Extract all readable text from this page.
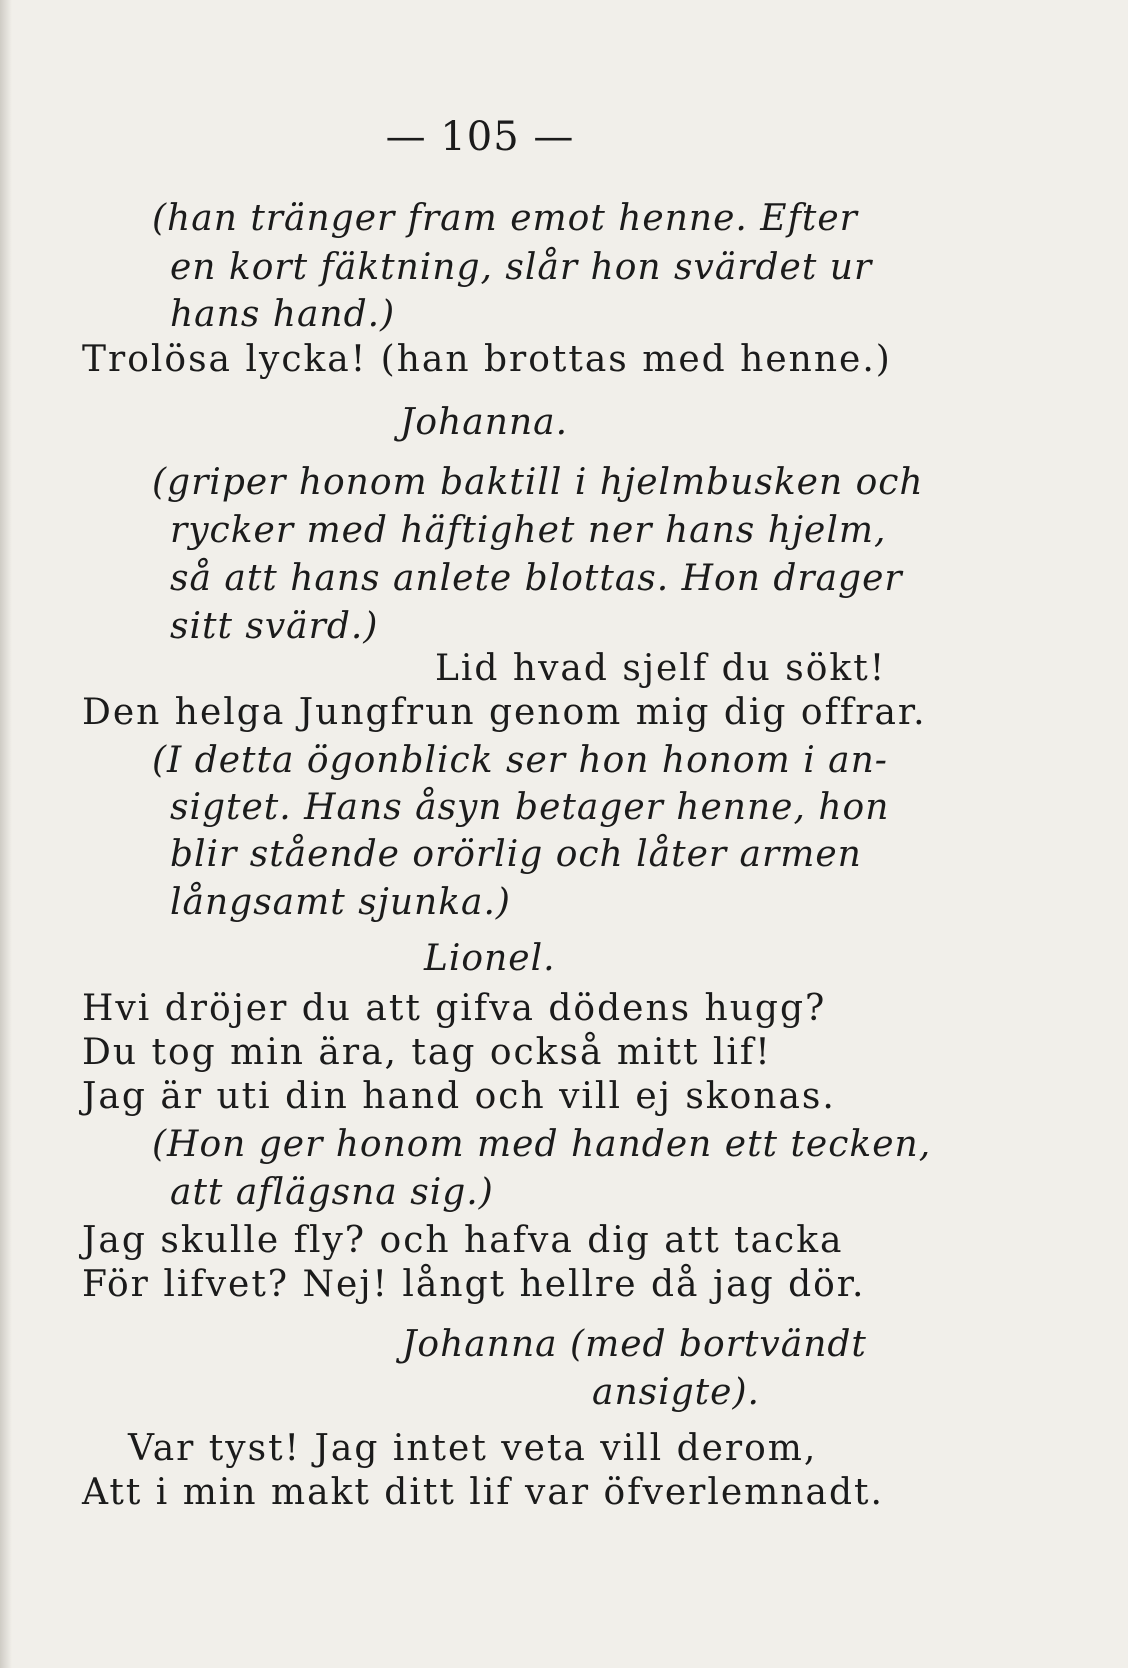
— 105 —
(han tränger fram emot henne. Efter
en kort fäktning, slår hon svärdet ur
hans hand.)
Trolösa lycka! (han brottas med henne.)
Johanna.
(griper honom baktill i hjelmbusken och
rycker med häftighet ner hans hjelm,
så att hans anlete blottas. Hon drager
sitt svärd.)
Lid hvad sjelf du sökt!
Den helga Jungfrun genom mig dig offrar.
(I detta ögonblick ser hon honom i an-
sigtet. Hans åsyn betager henne, hon
blir stående orörlig och låter armen
långsamt sjunka.)
Lionel.
Hvi dröjer du att gifva dödens hugg?
Du tog min ära, tag också mitt lif!
Jag är uti din hand och vill ej skonas.
(Hon ger honom med handen ett tecken,
att aflägsna sig.)
Jag skulle fly? och hafva dig att tacka
För lifvet? Nej! långt hellre då jag dör.
Johanna (med bortvändt
ansigte).
Var tyst! Jag intet veta vill derom,
Att i min makt ditt lif var öfverlemnadt.
